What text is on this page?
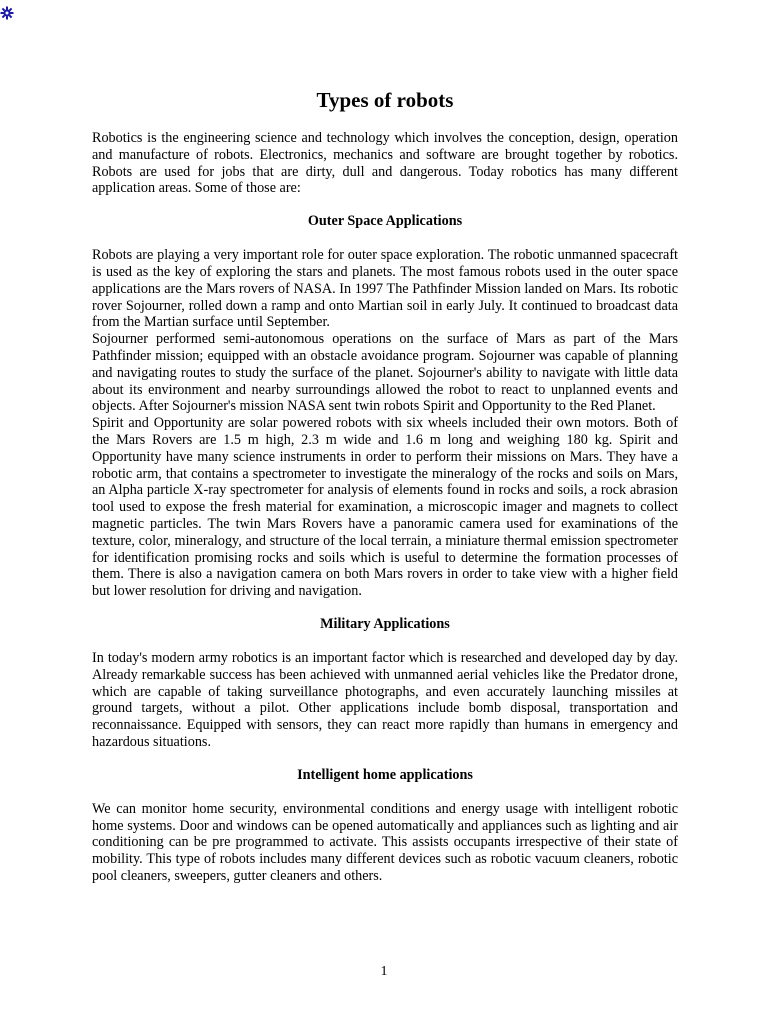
Types of robots

Robotics is the engineering science and technology which involves the conception, design, operation and manufacture of robots. Electronics, mechanics and software are brought together by robotics. Robots are used for jobs that are dirty, dull and dangerous. Today robotics has many different application areas. Some of those are:

Outer Space Applications

Robots are playing a very important role for outer space exploration. The robotic unmanned spacecraft is used as the key of exploring the stars and planets. The most famous robots used in the outer space applications are the Mars rovers of NASA. In 1997 The Pathfinder Mission landed on Mars. Its robotic rover Sojourner, rolled down a ramp and onto Martian soil in early July. It continued to broadcast data from the Martian surface until September.

Sojourner performed semi-autonomous operations on the surface of Mars as part of the Mars Pathfinder mission; equipped with an obstacle avoidance program. Sojourner was capable of planning and navigating routes to study the surface of the planet. Sojourner's ability to navigate with little data about its environment and nearby surroundings allowed the robot to react to unplanned events and objects. After Sojourner's mission NASA sent twin robots Spirit and Opportunity to the Red Planet.

Spirit and Opportunity are solar powered robots with six wheels included their own motors. Both of the Mars Rovers are 1.5 m high, 2.3 m wide and 1.6 m long and weighing 180 kg. Spirit and Opportunity have many science instruments in order to perform their missions on Mars. They have a robotic arm, that contains a spectrometer to investigate the mineralogy of the rocks and soils on Mars, an Alpha particle X-ray spectrometer for analysis of elements found in rocks and soils, a rock abrasion tool used to expose the fresh material for examination, a microscopic imager and magnets to collect magnetic particles. The twin Mars Rovers have a panoramic camera used for examinations of the texture, color, mineralogy, and structure of the local terrain, a miniature thermal emission spectrometer for identification promising rocks and soils which is useful to determine the formation processes of them. There is also a navigation camera on both Mars rovers in order to take view with a higher field but lower resolution for driving and navigation.

Military Applications

In today's modern army robotics is an important factor which is researched and developed day by day. Already remarkable success has been achieved with unmanned aerial vehicles like the Predator drone, which are capable of taking surveillance photographs, and even accurately launching missiles at ground targets, without a pilot. Other applications include bomb disposal, transportation and reconnaissance. Equipped with sensors, they can react more rapidly than humans in emergency and hazardous situations.

Intelligent home applications

We can monitor home security, environmental conditions and energy usage with intelligent robotic home systems. Door and windows can be opened automatically and appliances such as lighting and air conditioning can be pre programmed to activate. This assists occupants irrespective of their state of mobility. This type of robots includes many different devices such as robotic vacuum cleaners, robotic pool cleaners, sweepers, gutter cleaners and others.

1
